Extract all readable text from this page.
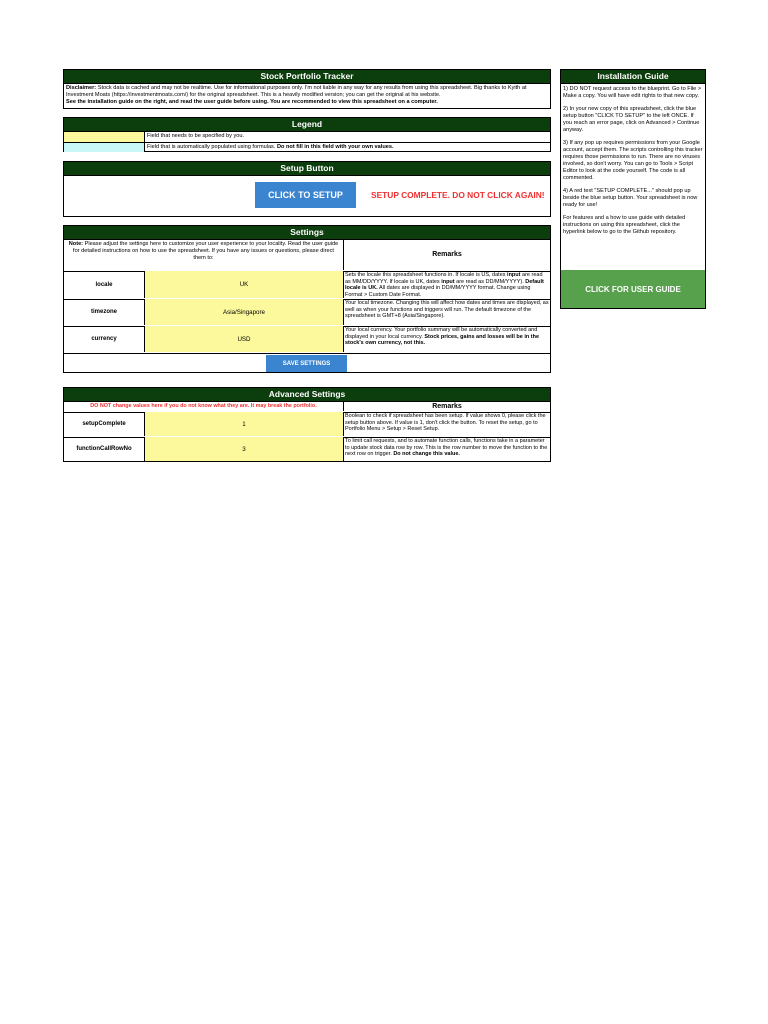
Stock Portfolio Tracker
Disclaimer: Stock data is cached and may not be realtime. Use for informational purposes only. I'm not liable in any way for any results from using this spreadsheet. Big thanks to Kyith at Investment Moats (https://investmentmoats.com/) for the original spreadsheet. This is a heavily modified version; you can get the original at his website.
See the installation guide on the right, and read the user guide before using. You are recommended to view this spreadsheet on a computer.
Legend
Field that needs to be specified by you.
Field that is automatically populated using formulas. Do not fill in this field with your own values.
Setup Button
CLICK TO SETUP	SETUP COMPLETE. DO NOT CLICK AGAIN!
Settings
Note: Please adjust the settings here to customize your user experience to your locality. Read the user guide for detailed instructions on how to use the spreadsheet. If you have any issues or questions, please direct them to:	Remarks
locale	UK
Sets the locale this spreadsheet functions in. If locale is US, dates input are read as MM/DD/YYYY. If locale is UK, dates input are read as DD/MM/YYYY). Default locale is UK. All dates are displayed in DD/MM/YYYY format. Change using Format > Custom Date Format.
timezone	Asia/Singapore
Your local timezone. Changing this will affect how dates and times are displayed, as well as when your functions and triggers will run. The default timezone of the spreadsheet is GMT+8 (Asia/Singapore).
currency	USD
Your local currency. Your portfolio summary will be automatically converted and displayed in your local currency. Stock prices, gains and losses will be in the stock's own currency, not this.
SAVE SETTINGS
Advanced Settings
DO NOT change values here if you do not know what they are. It may break the portfolio.	Remarks
setupComplete	1
Boolean to check if spreadsheet has been setup. If value shows 0, please click the setup button above. If value is 1, don't click the button. To reset the setup, go to Portfolio Menu > Setup > Reset Setup.
functionCallRowNo	3
To limit call requests, and to automate function calls, functions take in a parameter to update stock data row by row. This is the row number to move the function to the next row on trigger. Do not change this value.
Installation Guide

1) DO NOT request access to the blueprint. Go to File > Make a copy. You will have edit rights to that new copy.

2) In your new copy of this spreadsheet, click the blue setup button "CLICK TO SETUP" to the left ONCE. If you reach an error page, click on Advanced > Continue anyway.

3) If any pop up requires permissions from your Google account, accept them. The scripts controlling this tracker requires those permissions to run. There are no viruses involved, so don't worry. You can go to Tools > Script Editor to look at the code yourself. The code is all commented.

4) A red text "SETUP COMPLETE..." should pop up beside the blue setup button. Your spreadsheet is now ready for use!

For features and a how to use guide with detailed instructions on using this spreadsheet, click the hyperlink below to go to the Github repository.

CLICK FOR USER GUIDE
